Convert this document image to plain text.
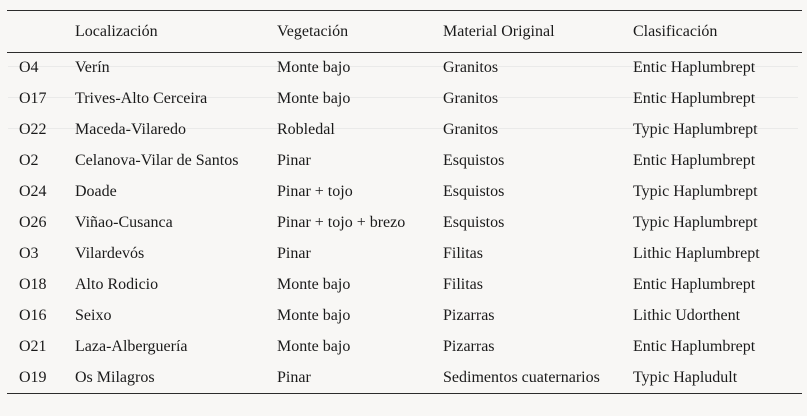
	Localización	Vegetación	Material Original	Clasificación
O4	Verín	Monte bajo	Granitos	Entic Haplumbrept
O17	Trives-Alto Cerceira	Monte bajo	Granitos	Entic Haplumbrept
O22	Maceda-Vilaredo	Robledal	Granitos	Typic Haplumbrept
O2	Celanova-Vilar de Santos	Pinar	Esquistos	Entic Haplumbrept
O24	Doade	Pinar + tojo	Esquistos	Typic Haplumbrept
O26	Viñao-Cusanca	Pinar + tojo + brezo	Esquistos	Typic Haplumbrept
O3	Vilardevós	Pinar	Filitas	Lithic Haplumbrept
O18	Alto Rodicio	Monte bajo	Filitas	Entic Haplumbrept
O16	Seixo	Monte bajo	Pizarras	Lithic Udorthent
O21	Laza-Alberguería	Monte bajo	Pizarras	Entic Haplumbrept
O19	Os Milagros	Pinar	Sedimentos cuaternarios	Typic Hapludult
